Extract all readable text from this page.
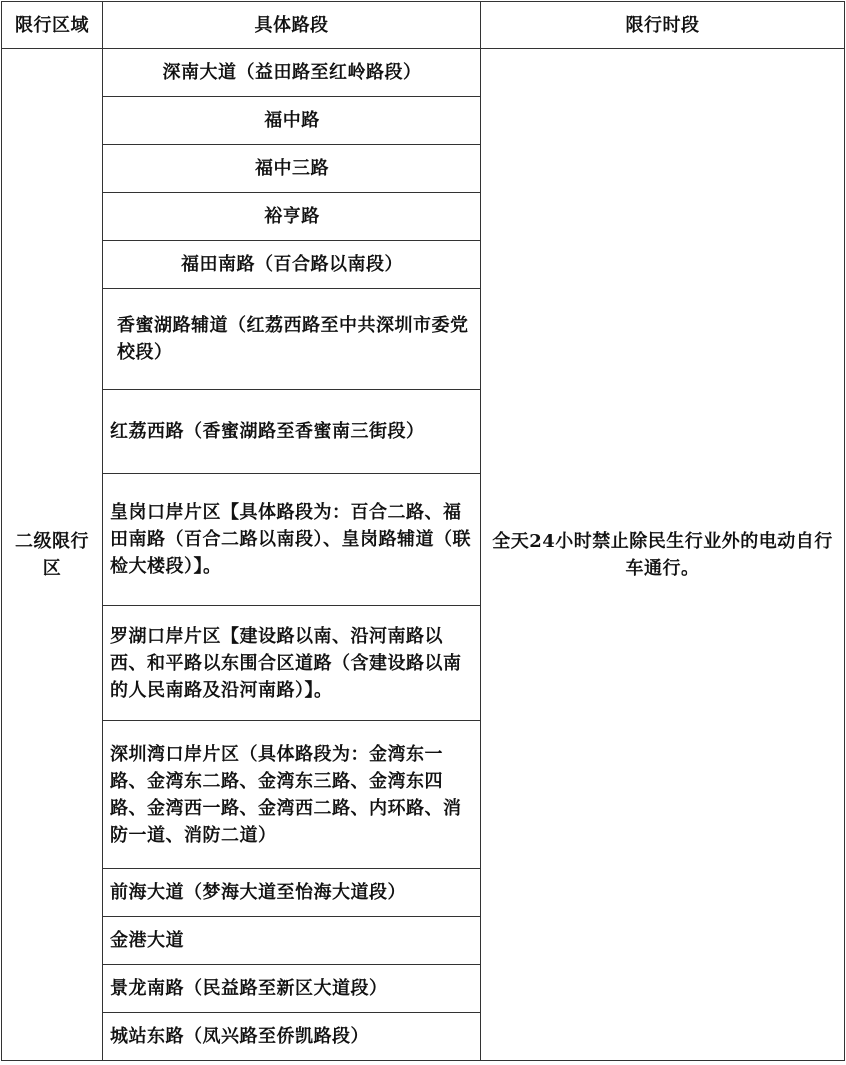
限行区域	具体路段	限行时段
二级限行区	深南大道（益田路至红岭路段）	全天24小时禁止除民生行业外的电动自行车通行。
	福中路	
	福中三路	
	裕亨路	
	福田南路（百合路以南段）	
	香蜜湖路辅道（红荔西路至中共深圳市委党校段）	
	红荔西路（香蜜湖路至香蜜南三街段）	
	皇岗口岸片区【具体路段为：百合二路、福田南路（百合二路以南段）、皇岗路辅道（联检大楼段）】。	
	罗湖口岸片区【建设路以南、沿河南路以西、和平路以东围合区道路（含建设路以南的人民南路及沿河南路）】。	
	深圳湾口岸片区（具体路段为：金湾东一路、金湾东二路、金湾东三路、金湾东四路、金湾西一路、金湾西二路、内环路、消防一道、消防二道）	
	前海大道（梦海大道至怡海大道段）	
	金港大道	
	景龙南路（民益路至新区大道段）	
	城站东路（凤兴路至侨凯路段）	
